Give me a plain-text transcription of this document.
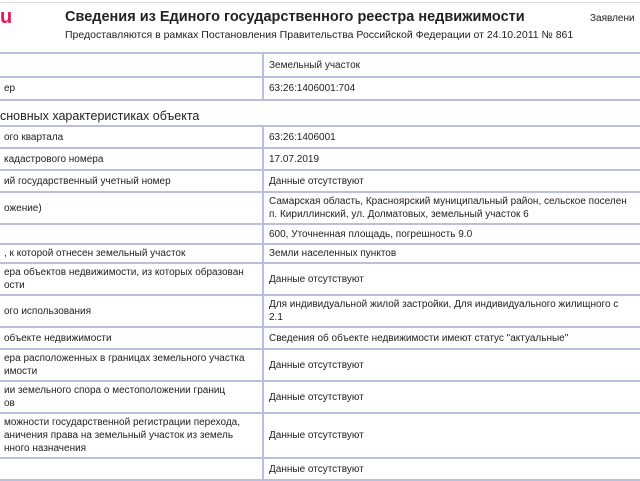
u	Сведения из Единого государственного реестра недвижимости
Предоставляются в рамках Постановления Правительства Российской Федерации от 24.10.2011 № 861
Заявлени
	Земельный участок
ер	63:26:1406001:704
сновных характеристиках объекта
ого квартала	63:26:1406001

кадастрового номера	17.07.2019

ий государственный учетный номер	Данные отсутствуют

ожение)	Самарская область, Красноярский муниципальный район, сельское поселен
п. Кириллинский, ул. Долматовых, земельный участок 6

	600, Уточненная площадь, погрешность 9.0

, к которой отнесен земельный участок	Земли населенных пунктов

ера объектов недвижимости, из которых образован
ости	Данные отсутствуют

ого использования	Для индивидуальной жилой застройки, Для индивидуального жилищного с
2.1

объекте недвижимости	Сведения об объекте недвижимости имеют статус "актуальные"

ера расположенных в границах земельного участка
имости	Данные отсутствуют

ии земельного спора о местоположении границ
ов	Данные отсутствуют

можности государственной регистрации перехода,
аничения права на земельный участок из земель
нного назначения	Данные отсутствуют

	Данные отсутствуют
